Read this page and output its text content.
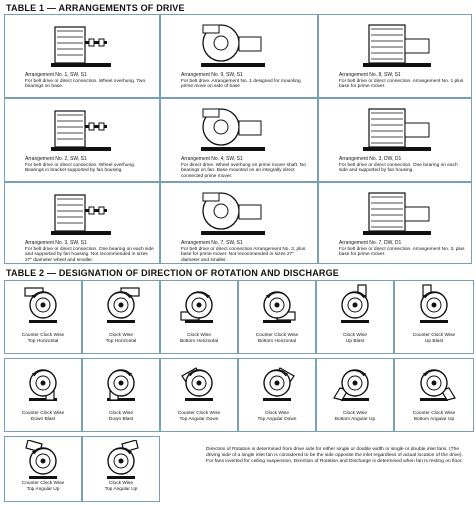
TABLE 1 — ARRANGEMENTS OF DRIVE
Arrangement No. 1, SW, S1
For belt drive or direct connection. Wheel overhung. Two bearings on base.
Arrangement No. 9, SW, S1
For belt drive. Arrangement No. 1 designed for mounting prime move on side of base
Arrangement No. 8, SW, S1
For belt drive or direct connection. Arrangement No. 1 plus base for prime mover.
Arrangement No. 2, SW, S1
For belt drive or direct connection. Wheel overhung. Bearings in bracket supported by fan housing.
Arrangement No. 4, SW, S1
For direct drive. Wheel overhung on prime mover shaft. No bearings on fan. Base mounted on an integrally direct connected prime mover.
Arrangement No. 3, DW, D1
For belt drive or direct connection. One bearing on each side and supported by fan housing.
Arrangement No. 3, SW, S1
For belt drive or direct connection. One bearing on each side and supported by fan housing. Not recommended in sizes 27" diameter wheel and smaller.
Arrangement No. 7, SW, S1
For belt drive or direct connection Arrangement No. 3, plus base for prime mover. Not recommended in sizes 27" diameter and smaller.
Arrangement No. 7, DW, D1
For belt drive or direct connection. Arrangement No. 3, plus base for prime mover.
TABLE 2 — DESIGNATION OF DIRECTION OF ROTATION AND DISCHARGE
Counter Clock Wise
Top Horizontal
Clock Wise
Top Horizontal
Clock Wise
Bottom Horizontal
Counter Clock Wise
Bottom Horizontal
Clock Wise
Up Blast
Counter Clock Wise
Up Blast
Counter Clock Wise
Down Blast
Clock Wise
Down Blast
Counter Clock Wise
Top Angular Down
Clock Wise
Top Angular Down
Clock Wise
Bottom Angular Up
Counter Clock Wise
Bottom Angular Up
Counter Clock Wise
Top Angular Up
Clock Wise
Top Angular Up
Direction of Rotation is determined from drive side for either single or double width or single or double inlet fans. (The driving side of a single inlet fan is considered to be the side opposite the inlet regardless of actual location of the drive). For fans inverted for ceiling suspension, Direction of Rotation and Discharge is determined when fan is resting on floor.
